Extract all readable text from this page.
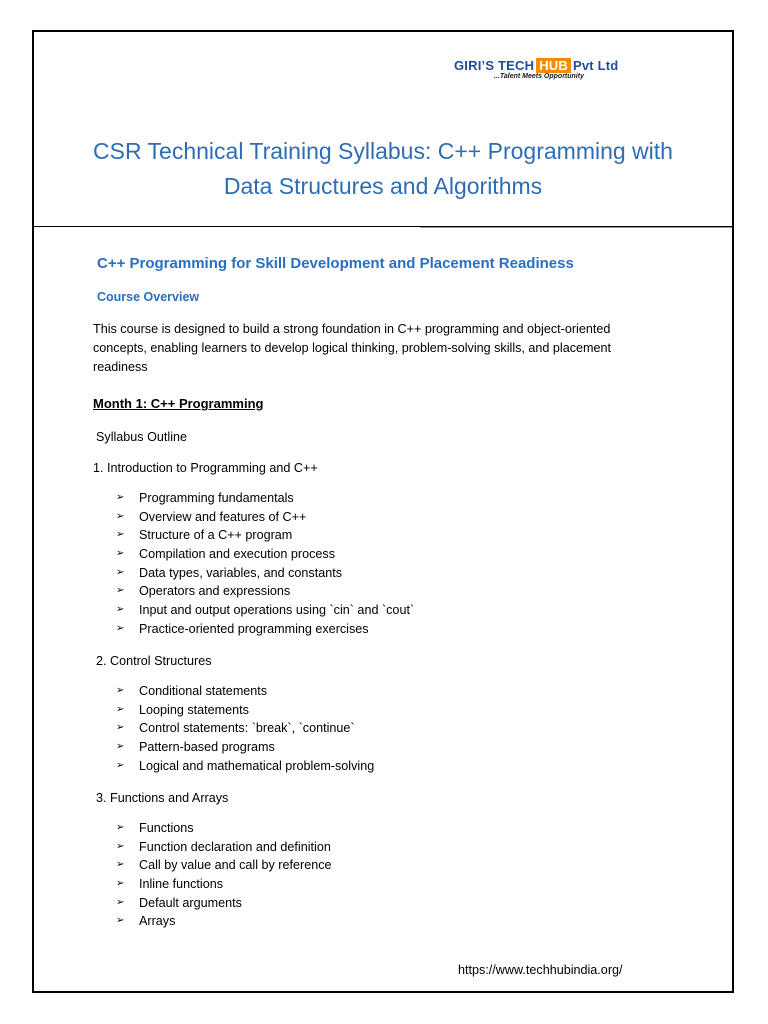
GIRI’S TECH HUB Pvt Ltd
...Talent Meets Opportunity
CSR Technical Training Syllabus: C++ Programming with
Data Structures and Algorithms
C++ Programming for Skill Development and Placement Readiness
Course Overview
This course is designed to build a strong foundation in C++ programming and object-oriented concepts, enabling learners to develop logical thinking, problem-solving skills, and placement readiness
Month 1: C++ Programming
Syllabus Outline
1. Introduction to Programming and C++
➢ Programming fundamentals
➢ Overview and features of C++
➢ Structure of a C++ program
➢ Compilation and execution process
➢ Data types, variables, and constants
➢ Operators and expressions
➢ Input and output operations using `cin` and `cout`
➢ Practice-oriented programming exercises
2. Control Structures
➢ Conditional statements
➢ Looping statements
➢ Control statements: `break`, `continue`
➢ Pattern-based programs
➢ Logical and mathematical problem-solving
3. Functions and Arrays
➢ Functions
➢ Function declaration and definition
➢ Call by value and call by reference
➢ Inline functions
➢ Default arguments
➢ Arrays
https://www.techhubindia.org/
